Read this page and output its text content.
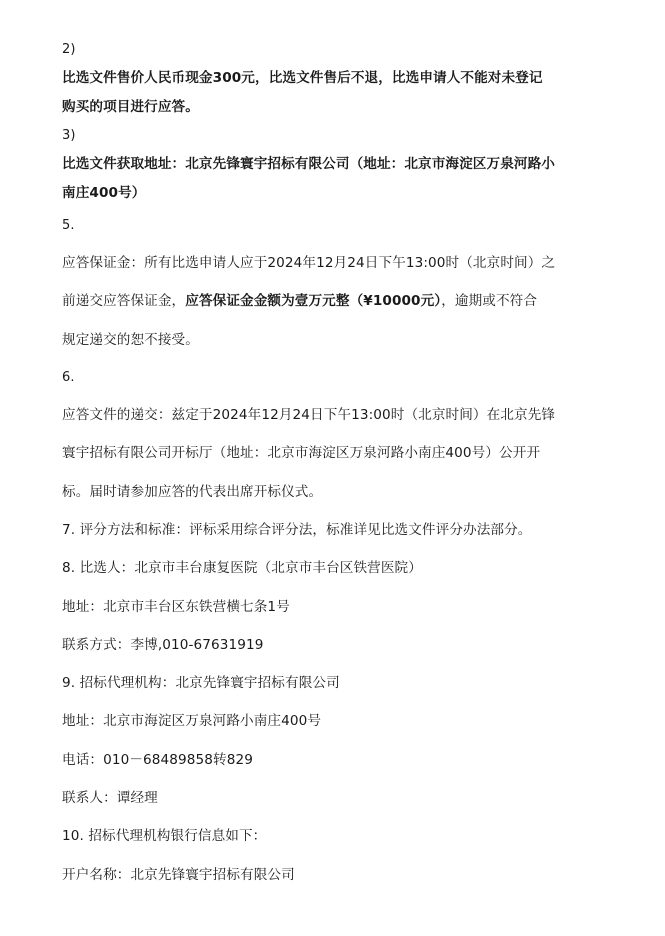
2)

比选文件售价人民币现金300元，比选文件售后不退，比选申请人不能对未登记

购买的项目进行应答。

3)

比选文件获取地址：北京先锋寰宇招标有限公司（地址：北京市海淀区万泉河路小

南庄400号）

5.

应答保证金：所有比选申请人应于2024年12月24日下午13:00时（北京时间）之

前递交应答保证金，应答保证金金额为壹万元整（¥10000元），逾期或不符合

规定递交的恕不接受。

6.

应答文件的递交：兹定于2024年12月24日下午13:00时（北京时间）在北京先锋

寰宇招标有限公司开标厅（地址：北京市海淀区万泉河路小南庄400号）公开开

标。届时请参加应答的代表出席开标仪式。

7. 评分方法和标准：评标采用综合评分法，标准详见比选文件评分办法部分。

8. 比选人：北京市丰台康复医院（北京市丰台区铁营医院）

地址：北京市丰台区东铁营横七条1号

联系方式：李博,010-67631919

9. 招标代理机构：北京先锋寰宇招标有限公司

地址：北京市海淀区万泉河路小南庄400号

电话：010－68489858转829

联系人：谭经理

10. 招标代理机构银行信息如下：

开户名称：北京先锋寰宇招标有限公司
